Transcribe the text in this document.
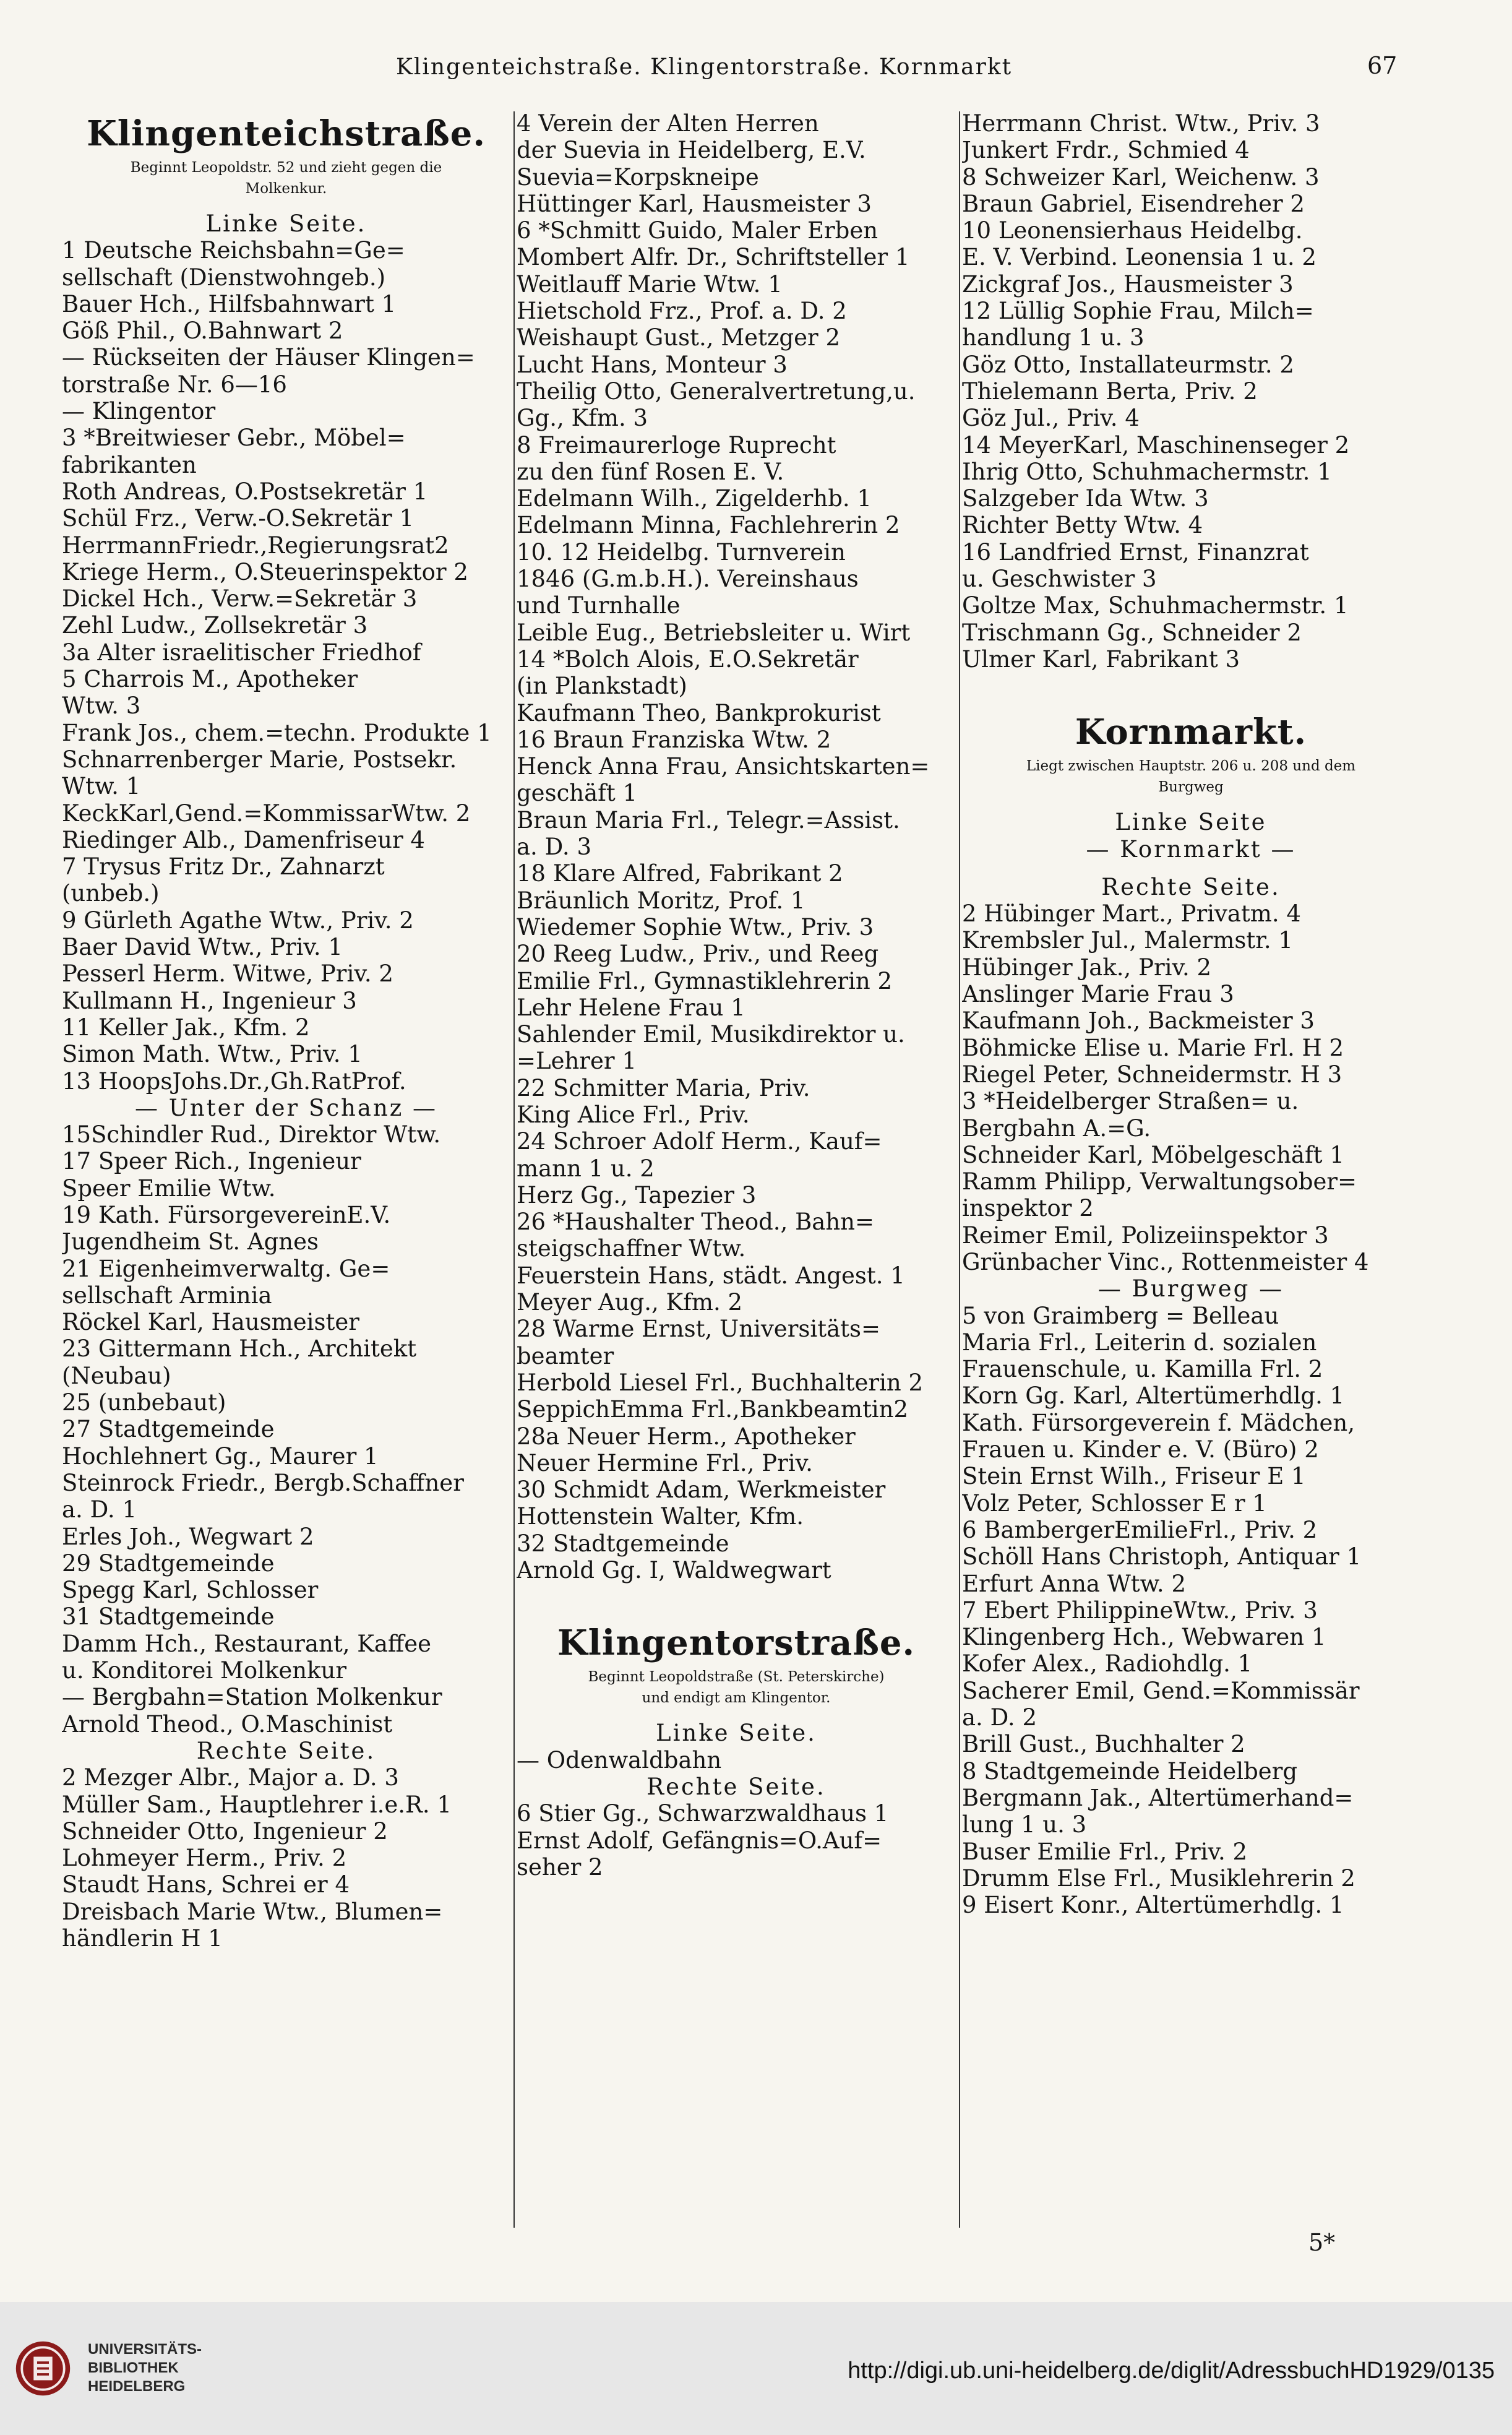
Klingenteichstraße. Klingentorstraße. Kornmarkt	67
Klingenteichstraße.
Beginnt Leopoldstr. 52 und zieht gegen die
Molkenkur.
Linke Seite.
1 Deutsche Reichsbahn=Ge=
sellschaft (Dienstwohngeb.)
Bauer Hch., Hilfsbahnwart 1
Göß Phil., O.Bahnwart 2
— Rückseiten der Häuser Klingen=
torstraße Nr. 6—16
— Klingentor
3 *Breitwieser Gebr., Möbel=
fabrikanten
Roth Andreas, O.Postsekretär 1
Schül Frz., Verw.-O.Sekretär 1
HerrmannFriedr.,Regierungsrat2
Kriege Herm., O.Steuerinspektor 2
Dickel Hch., Verw.=Sekretär 3
Zehl Ludw., Zollsekretär 3
3a Alter israelitischer Friedhof
5 Charrois M., Apotheker
Wtw. 3
Frank Jos., chem.=techn. Produkte 1
Schnarrenberger Marie, Postsekr.
Wtw. 1
KeckKarl,Gend.=KommissarWtw. 2
Riedinger Alb., Damenfriseur 4
7 Trysus Fritz Dr., Zahnarzt
(unbeb.)
9 Gürleth Agathe Wtw., Priv. 2
Baer David Wtw., Priv. 1
Pesserl Herm. Witwe, Priv. 2
Kullmann H., Ingenieur 3
11 Keller Jak., Kfm. 2
Simon Math. Wtw., Priv. 1
13 HoopsJohs.Dr.,Gh.RatProf.
— Unter der Schanz —
15Schindler Rud., Direktor Wtw.
17 Speer Rich., Ingenieur
Speer Emilie Wtw.
19 Kath. FürsorgevereinE.V.
Jugendheim St. Agnes
21 Eigenheimverwaltg. Ge=
sellschaft Arminia
Röckel Karl, Hausmeister
23 Gittermann Hch., Architekt
(Neubau)
25 (unbebaut)
27 Stadtgemeinde
Hochlehnert Gg., Maurer 1
Steinrock Friedr., Bergb.Schaffner
a. D. 1
Erles Joh., Wegwart 2
29 Stadtgemeinde
Spegg Karl, Schlosser
31 Stadtgemeinde
Damm Hch., Restaurant, Kaffee
u. Konditorei Molkenkur
— Bergbahn=Station Molkenkur
Arnold Theod., O.Maschinist
Rechte Seite.
2 Mezger Albr., Major a. D. 3
Müller Sam., Hauptlehrer i.e.R. 1
Schneider Otto, Ingenieur 2
Lohmeyer Herm., Priv. 2
Staudt Hans, Schrei er 4
Dreisbach Marie Wtw., Blumen=
händlerin H 1
4 Verein der Alten Herren
der Suevia in Heidelberg, E.V.
Suevia=Korpskneipe
Hüttinger Karl, Hausmeister 3
6 *Schmitt Guido, Maler Erben
Mombert Alfr. Dr., Schriftsteller 1
Weitlauff Marie Wtw. 1
Hietschold Frz., Prof. a. D. 2
Weishaupt Gust., Metzger 2
Lucht Hans, Monteur 3
Theilig Otto, Generalvertretung,u.
Gg., Kfm. 3
8 Freimaurerloge Ruprecht
zu den fünf Rosen E. V.
Edelmann Wilh., Zigelderhb. 1
Edelmann Minna, Fachlehrerin 2
10. 12 Heidelbg. Turnverein
1846 (G.m.b.H.). Vereinshaus
und Turnhalle
Leible Eug., Betriebsleiter u. Wirt
14 *Bolch Alois, E.O.Sekretär
(in Plankstadt)
Kaufmann Theo, Bankprokurist
16 Braun Franziska Wtw. 2
Henck Anna Frau, Ansichtskarten=
geschäft 1
Braun Maria Frl., Telegr.=Assist.
a. D. 3
18 Klare Alfred, Fabrikant 2
Bräunlich Moritz, Prof. 1
Wiedemer Sophie Wtw., Priv. 3
20 Reeg Ludw., Priv., und Reeg
Emilie Frl., Gymnastiklehrerin 2
Lehr Helene Frau 1
Sahlender Emil, Musikdirektor u.
=Lehrer 1
22 Schmitter Maria, Priv.
King Alice Frl., Priv.
24 Schroer Adolf Herm., Kauf=
mann 1 u. 2
Herz Gg., Tapezier 3
26 *Haushalter Theod., Bahn=
steigschaffner Wtw.
Feuerstein Hans, städt. Angest. 1
Meyer Aug., Kfm. 2
28 Warme Ernst, Universitäts=
beamter
Herbold Liesel Frl., Buchhalterin 2
SeppichEmma Frl.,Bankbeamtin2
28a Neuer Herm., Apotheker
Neuer Hermine Frl., Priv.
30 Schmidt Adam, Werkmeister
Hottenstein Walter, Kfm.
32 Stadtgemeinde
Arnold Gg. I, Waldwegwart
Klingentorstraße.
Beginnt Leopoldstraße (St. Peterskirche)
und endigt am Klingentor.
Linke Seite.
— Odenwaldbahn
Rechte Seite.
6 Stier Gg., Schwarzwaldhaus 1
Ernst Adolf, Gefängnis=O.Auf=
seher 2
Herrmann Christ. Wtw., Priv. 3
Junkert Frdr., Schmied 4
8 Schweizer Karl, Weichenw. 3
Braun Gabriel, Eisendreher 2
10 Leonensierhaus Heidelbg.
E. V. Verbind. Leonensia 1 u. 2
Zickgraf Jos., Hausmeister 3
12 Lüllig Sophie Frau, Milch=
handlung 1 u. 3
Göz Otto, Installateurmstr. 2
Thielemann Berta, Priv. 2
Göz Jul., Priv. 4
14 MeyerKarl, Maschinenseger 2
Ihrig Otto, Schuhmachermstr. 1
Salzgeber Ida Wtw. 3
Richter Betty Wtw. 4
16 Landfried Ernst, Finanzrat
u. Geschwister 3
Goltze Max, Schuhmachermstr. 1
Trischmann Gg., Schneider 2
Ulmer Karl, Fabrikant 3
Kornmarkt.
Liegt zwischen Hauptstr. 206 u. 208 und dem
Burgweg
Linke Seite
— Kornmarkt —
Rechte Seite.
2 Hübinger Mart., Privatm. 4
Krembsler Jul., Malermstr. 1
Hübinger Jak., Priv. 2
Anslinger Marie Frau 3
Kaufmann Joh., Backmeister 3
Böhmicke Elise u. Marie Frl. H 2
Riegel Peter, Schneidermstr. H 3
3 *Heidelberger Straßen= u.
Bergbahn A.=G.
Schneider Karl, Möbelgeschäft 1
Ramm Philipp, Verwaltungsober=
inspektor 2
Reimer Emil, Polizeiinspektor 3
Grünbacher Vinc., Rottenmeister 4
— Burgweg —
5 von Graimberg = Belleau
Maria Frl., Leiterin d. sozialen
Frauenschule, u. Kamilla Frl. 2
Korn Gg. Karl, Altertümerhdlg. 1
Kath. Fürsorgeverein f. Mädchen,
Frauen u. Kinder e. V. (Büro) 2
Stein Ernst Wilh., Friseur E 1
Volz Peter, Schlosser E r 1
6 BambergerEmilieFrl., Priv. 2
Schöll Hans Christoph, Antiquar 1
Erfurt Anna Wtw. 2
7 Ebert PhilippineWtw., Priv. 3
Klingenberg Hch., Webwaren 1
Kofer Alex., Radiohdlg. 1
Sacherer Emil, Gend.=Kommissär
a. D. 2
Brill Gust., Buchhalter 2
8 Stadtgemeinde Heidelberg
Bergmann Jak., Altertümerhand=
lung 1 u. 3
Buser Emilie Frl., Priv. 2
Drumm Else Frl., Musiklehrerin 2
9 Eisert Konr., Altertümerhdlg. 1
5*
UNIVERSITÄTS-
BIBLIOTHEK
HEIDELBERG
http://digi.ub.uni-heidelberg.de/diglit/AdressbuchHD1929/0135
